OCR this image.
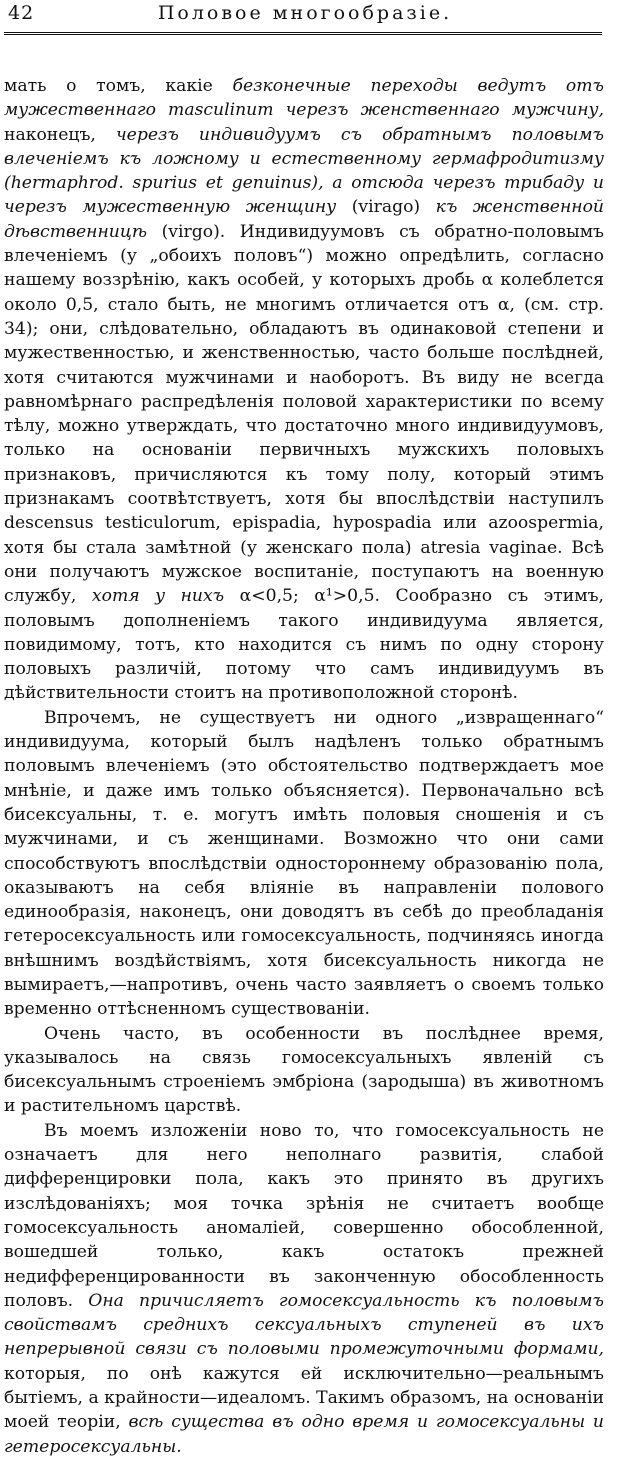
42	Половое многообразіе.

мать о томъ, какіе безконечные переходы ведутъ отъ мужественнаго masculinum черезъ женственнаго мужчину, наконецъ, черезъ индивидуумъ съ обратнымъ половымъ влеченіемъ къ ложному и естественному гермафродитизму (hermaphrod. spurius et genuinus), а отсюда черезъ трибаду и черезъ мужественную женщину (virago) къ женственной дѣвственницѣ (virgo). Индивидуумовъ съ обратно-половымъ влеченіемъ (у „обоихъ половъ“) можно опредѣлить, согласно нашему воззрѣнію, какъ особей, у которыхъ дробь α колеблется около 0,5, стало быть, не многимъ отличается отъ α, (см. стр. 34); они, слѣдовательно, обладаютъ въ одинаковой степени и мужественностью, и женственностью, часто больше послѣдней, хотя считаются мужчинами и наоборотъ. Въ виду не всегда равномѣрнаго распредѣленія половой характеристики по всему тѣлу, можно утверждать, что достаточно много индивидуумовъ, только на основаніи первичныхъ мужскихъ половыхъ признаковъ, причисляются къ тому полу, который этимъ признакамъ соотвѣтствуетъ, хотя бы впослѣдствіи наступилъ descensus testiculorum, epispadia, hypospadia или azoospermia, хотя бы стала замѣтной (у женскаго пола) atresia vaginae. Всѣ они получаютъ мужское воспитаніе, поступаютъ на военную службу, хотя у нихъ α<0,5; α¹>0,5. Сообразно съ этимъ, половымъ дополненіемъ такого индивидуума является, повидимому, тотъ, кто находится съ нимъ по одну сторону половыхъ различій, потому что самъ индивидуумъ въ дѣйствительности стоитъ на противоположной сторонѣ.

Впрочемъ, не существуетъ ни одного „извращеннаго“ индивидуума, который былъ надѣленъ только обратнымъ половымъ влеченіемъ (это обстоятельство подтверждаетъ мое мнѣніе, и даже имъ только объясняется). Первоначально всѣ бисексуальны, т. е. могутъ имѣть половыя сношенія и съ мужчинами, и съ женщинами. Возможно что они сами способствуютъ впослѣдствіи одностороннему образованію пола, оказываютъ на себя вліяніе въ направленіи полового единообразія, наконецъ, они доводятъ въ себѣ до преобладанія гетеросексуальность или гомосексуальность, подчиняясь иногда внѣшнимъ воздѣйствіямъ, хотя бисексуальность никогда не вымираетъ,—напротивъ, очень часто заявляетъ о своемъ только временно оттѣсненномъ существованіи.

Очень часто, въ особенности въ послѣднее время, указывалось на связь гомосексуальныхъ явленій съ бисексуальнымъ строеніемъ эмбріона (зародыша) въ животномъ и растительномъ царствѣ.

Въ моемъ изложеніи ново то, что гомосексуальность не означаетъ для него неполнаго развитія, слабой дифференцировки пола, какъ это принято въ другихъ изслѣдованіяхъ; моя точка зрѣнія не считаетъ вообще гомосексуальность аномаліей, совершенно обособленной, вошедшей только, какъ остатокъ прежней недифференцированности въ законченную обособленность половъ. Она причисляетъ гомосексуальность къ половымъ свойствамъ среднихъ сексуальныхъ ступеней въ ихъ непрерывной связи съ половыми промежуточными формами, которыя, по онѣ кажутся ей исключительно—реальнымъ бытіемъ, а крайности—идеаломъ. Такимъ образомъ, на основаніи моей теоріи, всѣ существа въ одно время и гомосексуальны и гетеросексуальны.
